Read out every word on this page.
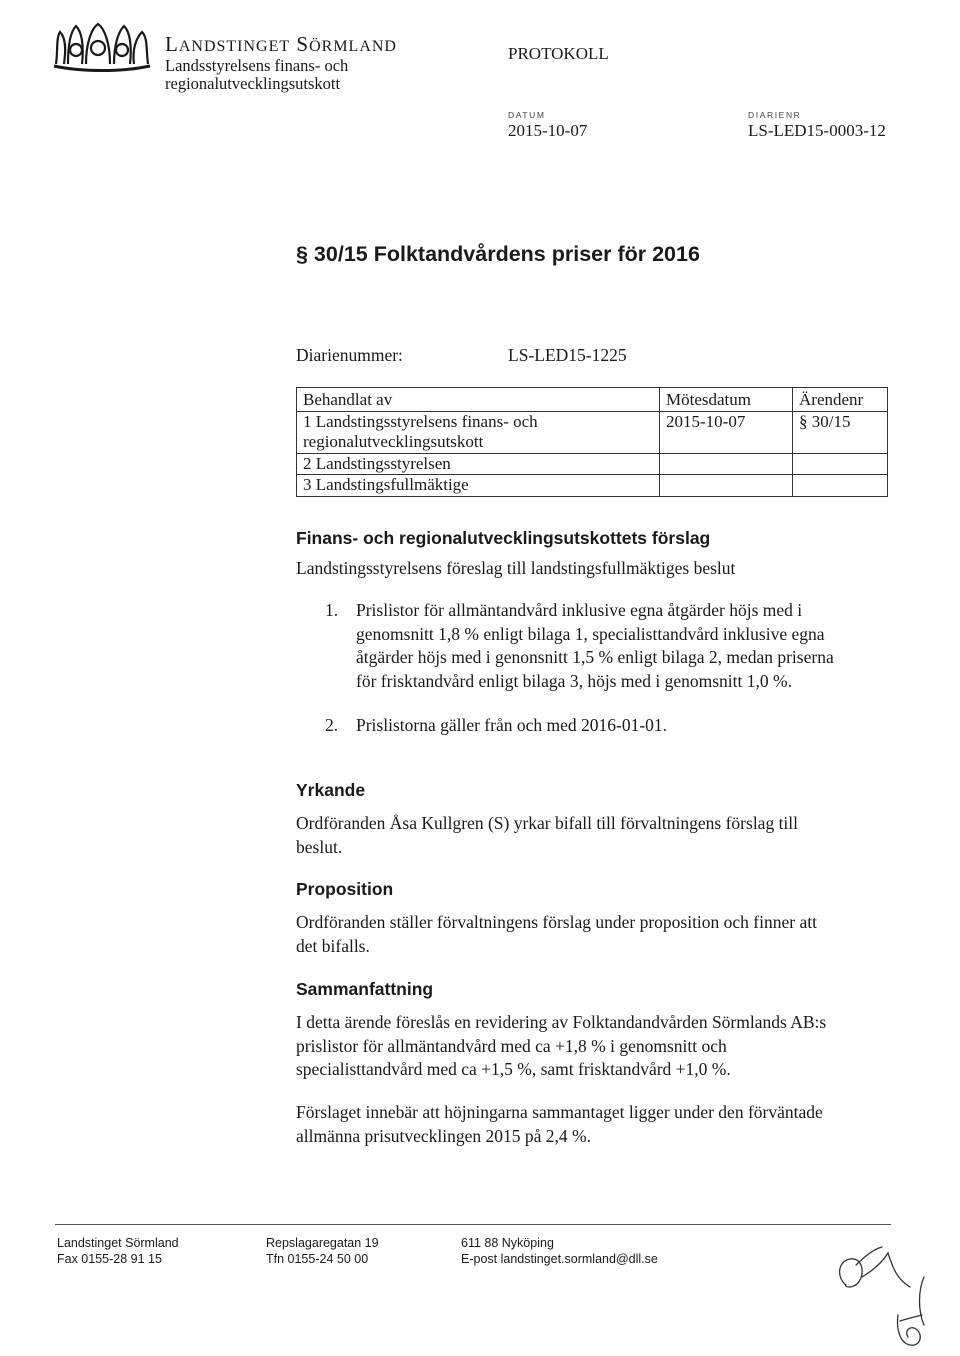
LANDSTINGET SÖRMLAND
Landsstyrelsens finans- och
regionalutvecklingsutskott
PROTOKOLL
DATUM
2015-10-07
DIARIENR
LS-LED15-0003-12
§ 30/15 Folktandvårdens priser för 2016
Diarienummer:	LS-LED15-1225
Behandlat av	Mötesdatum	Ärendenr

1 Landstingsstyrelsens finans- och
regionalutvecklingsutskott	2015-10-07	§ 30/15
2 Landstingsstyrelsen		
3 Landstingsfullmäktige		
Finans- och regionalutvecklingsutskottets förslag
Landstingsstyrelsens föreslag till landstingsfullmäktiges beslut
1. Prislistor för allmäntandvård inklusive egna åtgärder höjs med i
genomsnitt 1,8 % enligt bilaga 1, specialisttandvård inklusive egna
åtgärder höjs med i genonsnitt 1,5 % enligt bilaga 2, medan priserna
för frisktandvård enligt bilaga 3, höjs med i genomsnitt 1,0 %.
2. Prislistorna gäller från och med 2016-01-01.
Yrkande
Ordföranden Åsa Kullgren (S) yrkar bifall till förvaltningens förslag till
beslut.
Proposition
Ordföranden ställer förvaltningens förslag under proposition och finner att
det bifalls.
Sammanfattning
I detta ärende föreslås en revidering av Folktandandvården Sörmlands AB:s
prislistor för allmäntandvård med ca +1,8 % i genomsnitt och
specialisttandvård med ca +1,5 %, samt frisktandvård +1,0 %.
Förslaget innebär att höjningarna sammantaget ligger under den förväntade
allmänna prisutvecklingen 2015 på 2,4 %.
Landstinget Sörmland
Fax 0155-28 91 15
Repslagaregatan 19
Tfn 0155-24 50 00
611 88 Nyköping
E-post landstinget.sormland@dll.se
